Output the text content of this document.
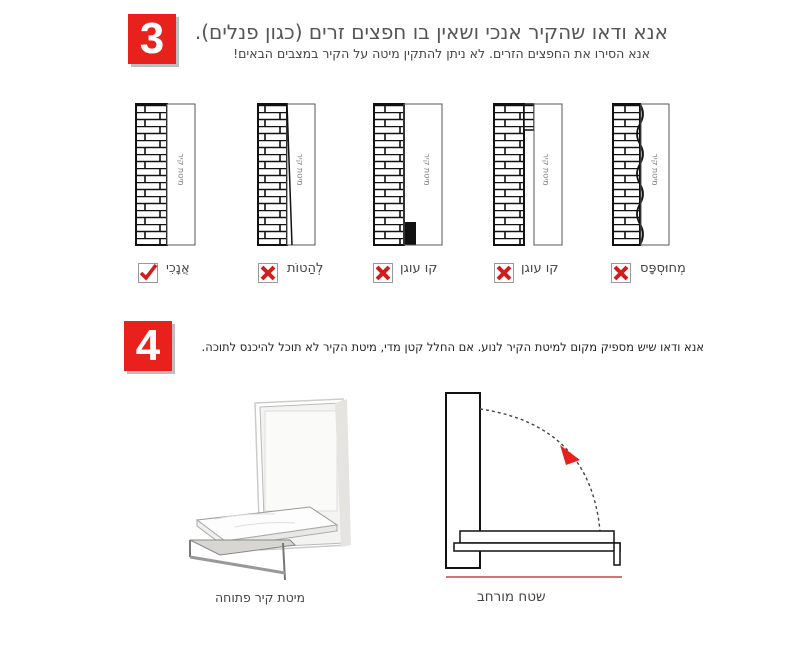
3	אנא ודאו שהקיר אנכי ושאין בו חפצים זרים (כגון פנלים).
אנא הסירו את החפצים הזרים. לא ניתן להתקין מיטה על הקיר במצבים הבאים!
מיטת קיר	מיטת קיר	מיטת קיר	מיטת קיר	מיטת קיר
אֲנָכִי	לְהַטוֹת	קו עוגן	קו עוגן	מְחוּסְפָּס
4	אנא ודאו שיש מספיק מקום למיטת הקיר לנוע. אם החלל קטן מדי, מיטת הקיר לא תוכל להיכנס לתוכה.
מיטת קיר פתוחה	שטח מורחב
